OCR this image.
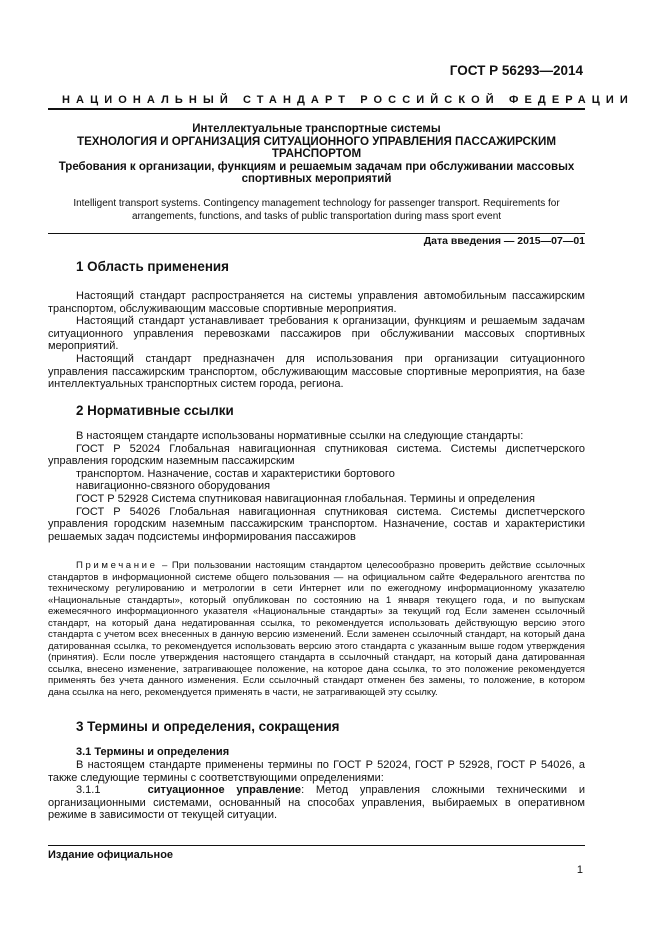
ГОСТ Р 56293—2014
НАЦИОНАЛЬНЫЙ СТАНДАРТ РОССИЙСКОЙ ФЕДЕРАЦИИ
Интеллектуальные транспортные системы
ТЕХНОЛОГИЯ И ОРГАНИЗАЦИЯ СИТУАЦИОННОГО УПРАВЛЕНИЯ ПАССАЖИРСКИМ
ТРАНСПОРТОМ
Требования к организации, функциям и решаемым задачам при обслуживании массовых
спортивных мероприятий
Intelligent transport systems. Contingency management technology for passenger transport. Requirements for
arrangements, functions, and tasks of public transportation during mass sport event
Дата введения — 2015—07—01
1 Область применения

Настоящий стандарт распространяется на системы управления автомобильным пассажирским транспортом, обслуживающим массовые спортивные мероприятия.

Настоящий стандарт устанавливает требования к организации, функциям и решаемым задачам ситуационного управления перевозками пассажиров при обслуживании массовых спортивных мероприятий.

Настоящий стандарт предназначен для использования при организации ситуационного управления пассажирским транспортом, обслуживающим массовые спортивные мероприятия, на базе интеллектуальных транспортных систем города, региона.

2 Нормативные ссылки

В настоящем стандарте использованы нормативные ссылки на следующие стандарты:

ГОСТ Р 52024 Глобальная навигационная спутниковая система. Системы диспетчерского управления городским наземным пассажирским

транспортом. Назначение, состав и характеристики бортового

навигационно-связного оборудования

ГОСТ Р 52928 Система спутниковая навигационная глобальная. Термины и определения

ГОСТ Р 54026 Глобальная навигационная спутниковая система. Системы диспетчерского управления городским наземным пассажирским транспортом. Назначение, состав и характеристики решаемых задач подсистемы информирования пассажиров

Примечание – При пользовании настоящим стандартом целесообразно проверить действие ссылочных стандартов в информационной системе общего пользования — на официальном сайте Федерального агентства по техническому регулированию и метрологии в сети Интернет или по ежегодному информационному указателю «Национальные стандарты», который опубликован по состоянию на 1 января текущего года, и по выпускам ежемесячного информационного указателя «Национальные стандарты» за текущий год Если заменен ссылочный стандарт, на который дана недатированная ссылка, то рекомендуется использовать действующую версию этого стандарта с учетом всех внесенных в данную версию изменений. Если заменен ссылочный стандарт, на который дана датированная ссылка, то рекомендуется использовать версию этого стандарта с указанным выше годом утверждения (принятия). Если после утверждения настоящего стандарта в ссылочный стандарт, на который дана датированная ссылка, внесено изменение, затрагивающее положение, на которое дана ссылка, то это положение рекомендуется применять без учета данного изменения. Если ссылочный стандарт отменен без замены, то положение, в котором дана ссылка на него, рекомендуется применять в части, не затрагивающей эту ссылку.

3 Термины и определения, сокращения
3.1 Термины и определения

В настоящем стандарте применены термины по ГОСТ Р 52024, ГОСТ Р 52928, ГОСТ Р 54026, а также следующие термины с соответствующими определениями:

3.1.1	ситуационное управление: Метод управления сложными техническими и организационными системами, основанный на способах управления, выбираемых в оперативном режиме в зависимости от текущей ситуации.

Издание официальное
1
